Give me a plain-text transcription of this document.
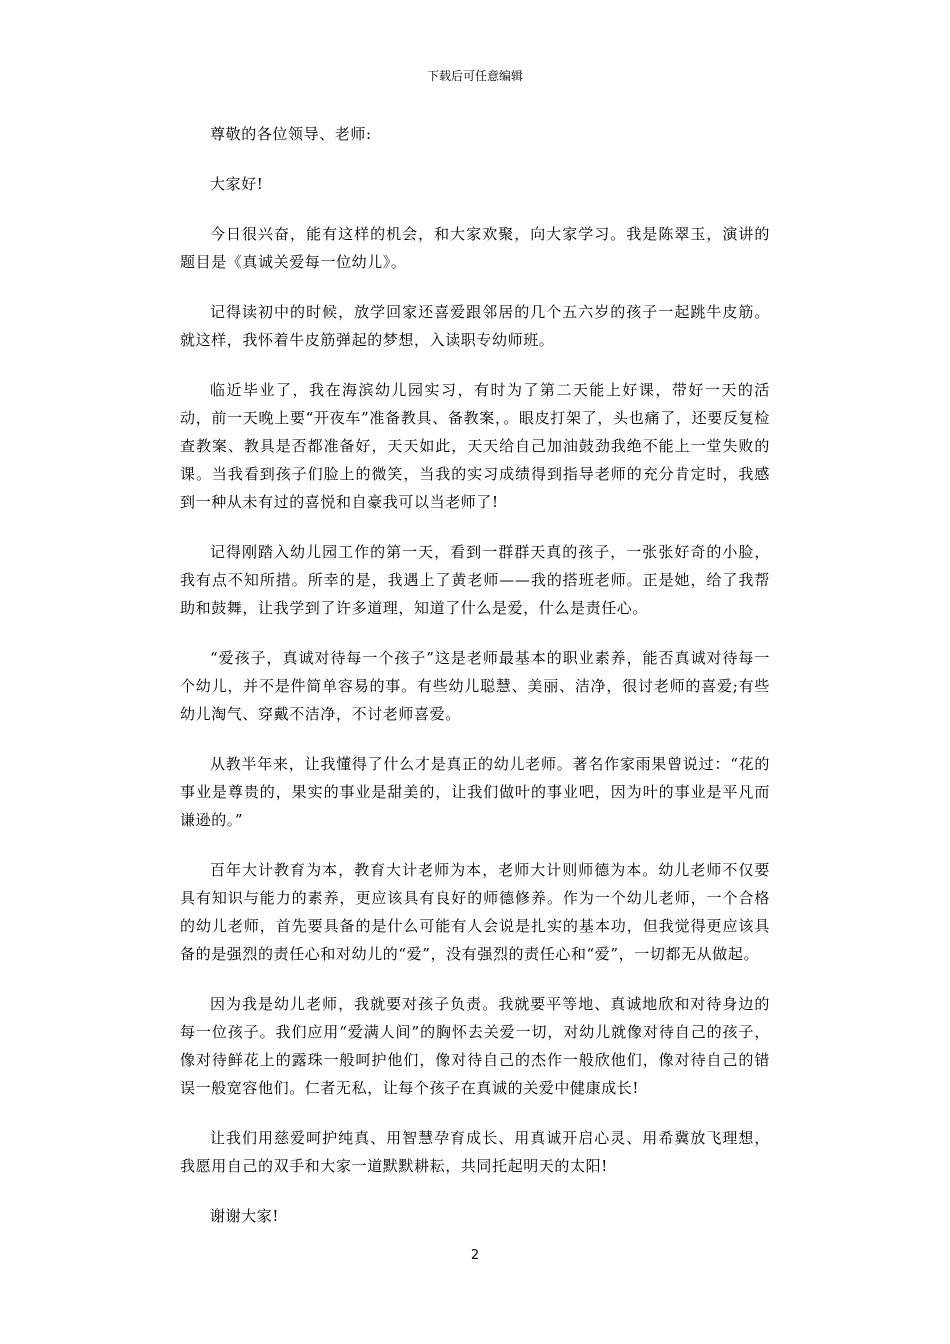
下载后可任意编辑

尊敬的各位领导、老师:

大家好!

今日很兴奋，能有这样的机会，和大家欢聚，向大家学习。我是陈翠玉，演讲的题目是《真诚关爱每一位幼儿》。

记得读初中的时候，放学回家还喜爱跟邻居的几个五六岁的孩子一起跳牛皮筋。就这样，我怀着牛皮筋弹起的梦想，入读职专幼师班。

临近毕业了，我在海滨幼儿园实习，有时为了第二天能上好课，带好一天的活动，前一天晚上要“开夜车”准备教具、备教案，。眼皮打架了，头也痛了，还要反复检查教案、教具是否都准备好，天天如此，天天给自己加油鼓劲我绝不能上一堂失败的课。当我看到孩子们脸上的微笑，当我的实习成绩得到指导老师的充分肯定时，我感到一种从未有过的喜悦和自豪我可以当老师了!

记得刚踏入幼儿园工作的第一天，看到一群群天真的孩子，一张张好奇的小脸，我有点不知所措。所幸的是，我遇上了黄老师——我的搭班老师。正是她，给了我帮助和鼓舞，让我学到了许多道理，知道了什么是爱，什么是责任心。

“爱孩子，真诚对待每一个孩子”这是老师最基本的职业素养，能否真诚对待每一个幼儿，并不是件简单容易的事。有些幼儿聪慧、美丽、洁净，很讨老师的喜爱;有些幼儿淘气、穿戴不洁净，不讨老师喜爱。

从教半年来，让我懂得了什么才是真正的幼儿老师。著名作家雨果曾说过：“花的事业是尊贵的，果实的事业是甜美的，让我们做叶的事业吧，因为叶的事业是平凡而谦逊的。”

百年大计教育为本，教育大计老师为本，老师大计则师德为本。幼儿老师不仅要具有知识与能力的素养，更应该具有良好的师德修养。作为一个幼儿老师，一个合格的幼儿老师，首先要具备的是什么可能有人会说是扎实的基本功，但我觉得更应该具备的是强烈的责任心和对幼儿的“爱”，没有强烈的责任心和“爱”，一切都无从做起。

因为我是幼儿老师，我就要对孩子负责。我就要平等地、真诚地欣和对待身边的每一位孩子。我们应用“爱满人间”的胸怀去关爱一切，对幼儿就像对待自己的孩子，像对待鲜花上的露珠一般呵护他们，像对待自己的杰作一般欣他们，像对待自己的错误一般宽容他们。仁者无私，让每个孩子在真诚的关爱中健康成长!

让我们用慈爱呵护纯真、用智慧孕育成长、用真诚开启心灵、用希冀放飞理想，我愿用自己的双手和大家一道默默耕耘，共同托起明天的太阳!

谢谢大家!

2
